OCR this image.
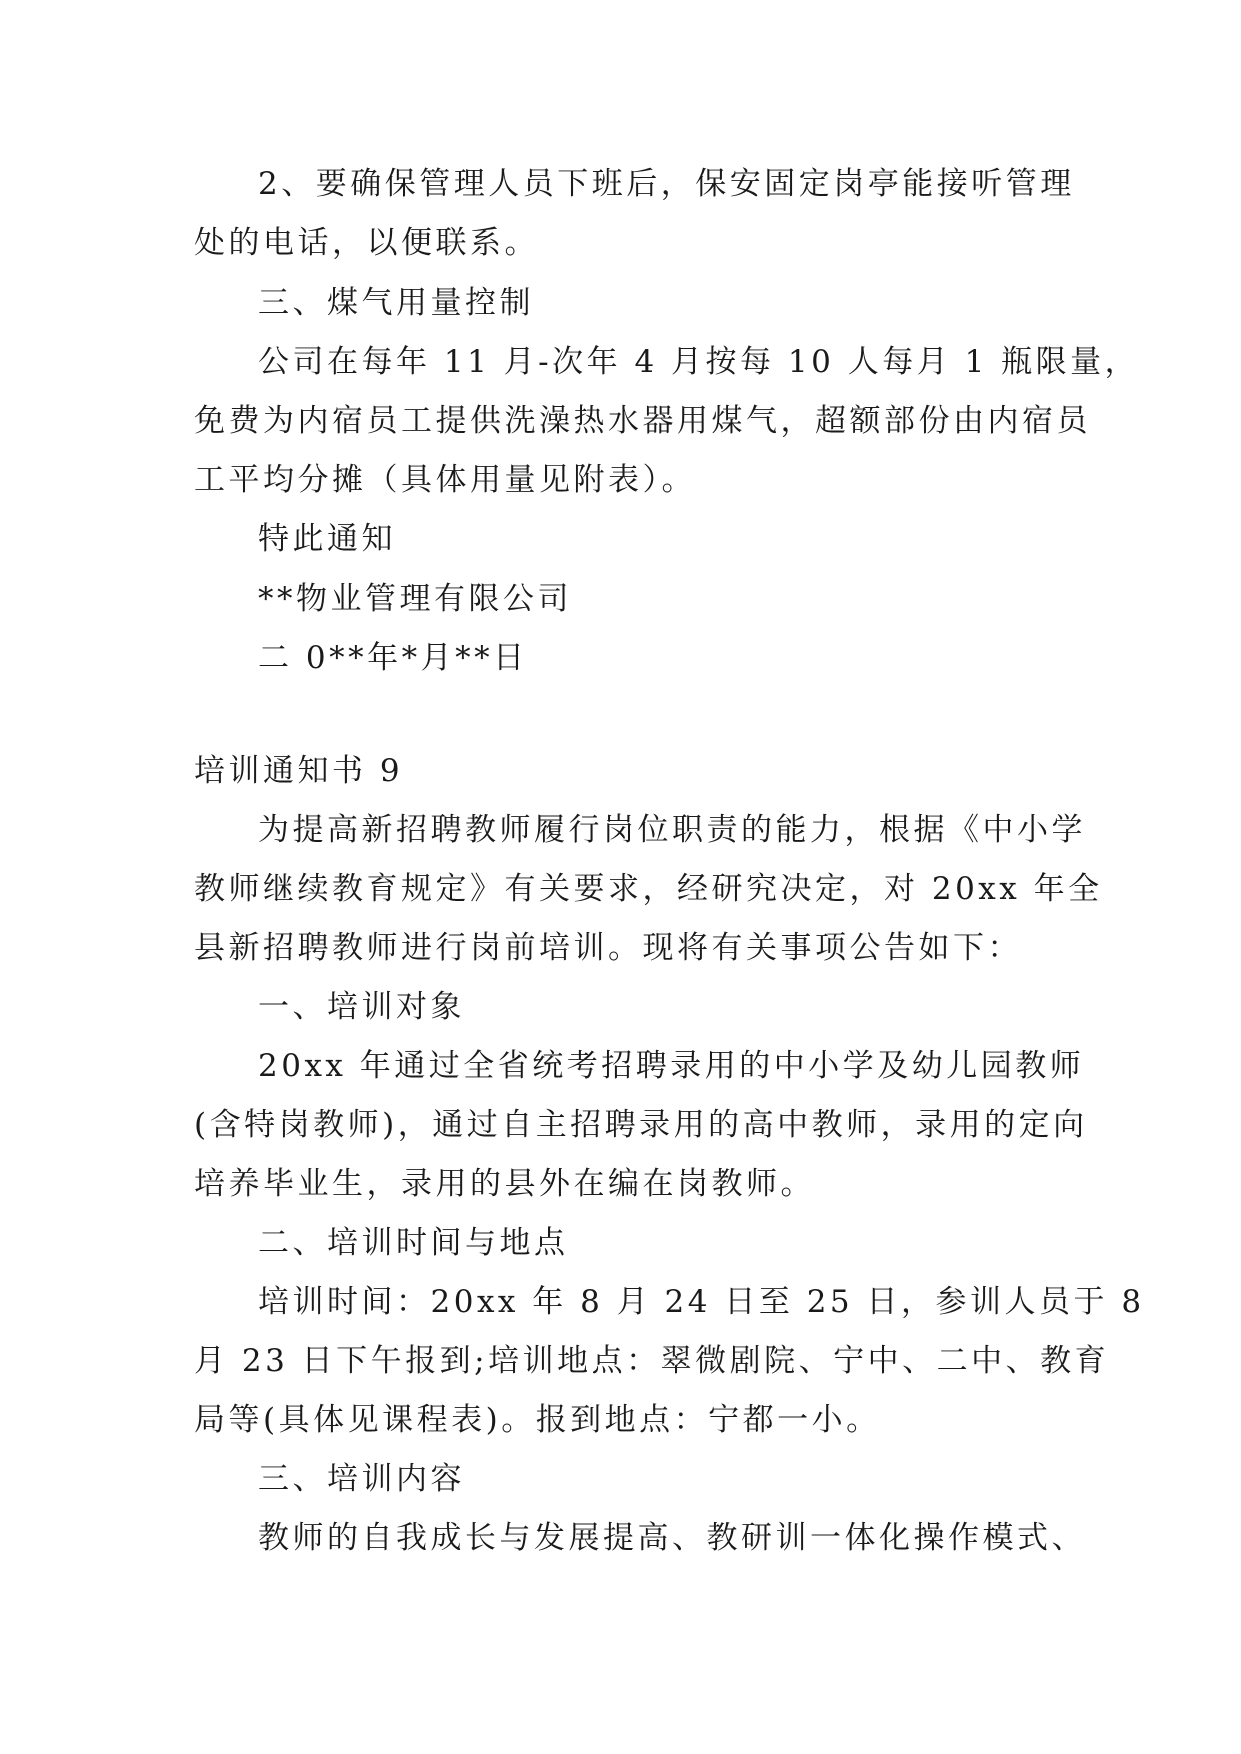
2、要确保管理人员下班后，保安固定岗亭能接听管理
处的电话，以便联系。
三、煤气用量控制
公司在每年 11 月-次年 4 月按每 10 人每月 1 瓶限量，
免费为内宿员工提供洗澡热水器用煤气，超额部份由内宿员
工平均分摊（具体用量见附表）。
特此通知
**物业管理有限公司
二 0**年*月**日
培训通知书 9
为提高新招聘教师履行岗位职责的能力，根据《中小学
教师继续教育规定》有关要求，经研究决定，对 20xx 年全
县新招聘教师进行岗前培训。现将有关事项公告如下：
一、培训对象
20xx 年通过全省统考招聘录用的中小学及幼儿园教师
(含特岗教师)，通过自主招聘录用的高中教师，录用的定向
培养毕业生，录用的县外在编在岗教师。
二、培训时间与地点
培训时间：20xx 年 8 月 24 日至 25 日，参训人员于 8
月 23 日下午报到;培训地点：翠微剧院、宁中、二中、教育
局等(具体见课程表)。报到地点：宁都一小。
三、培训内容
教师的自我成长与发展提高、教研训一体化操作模式、
